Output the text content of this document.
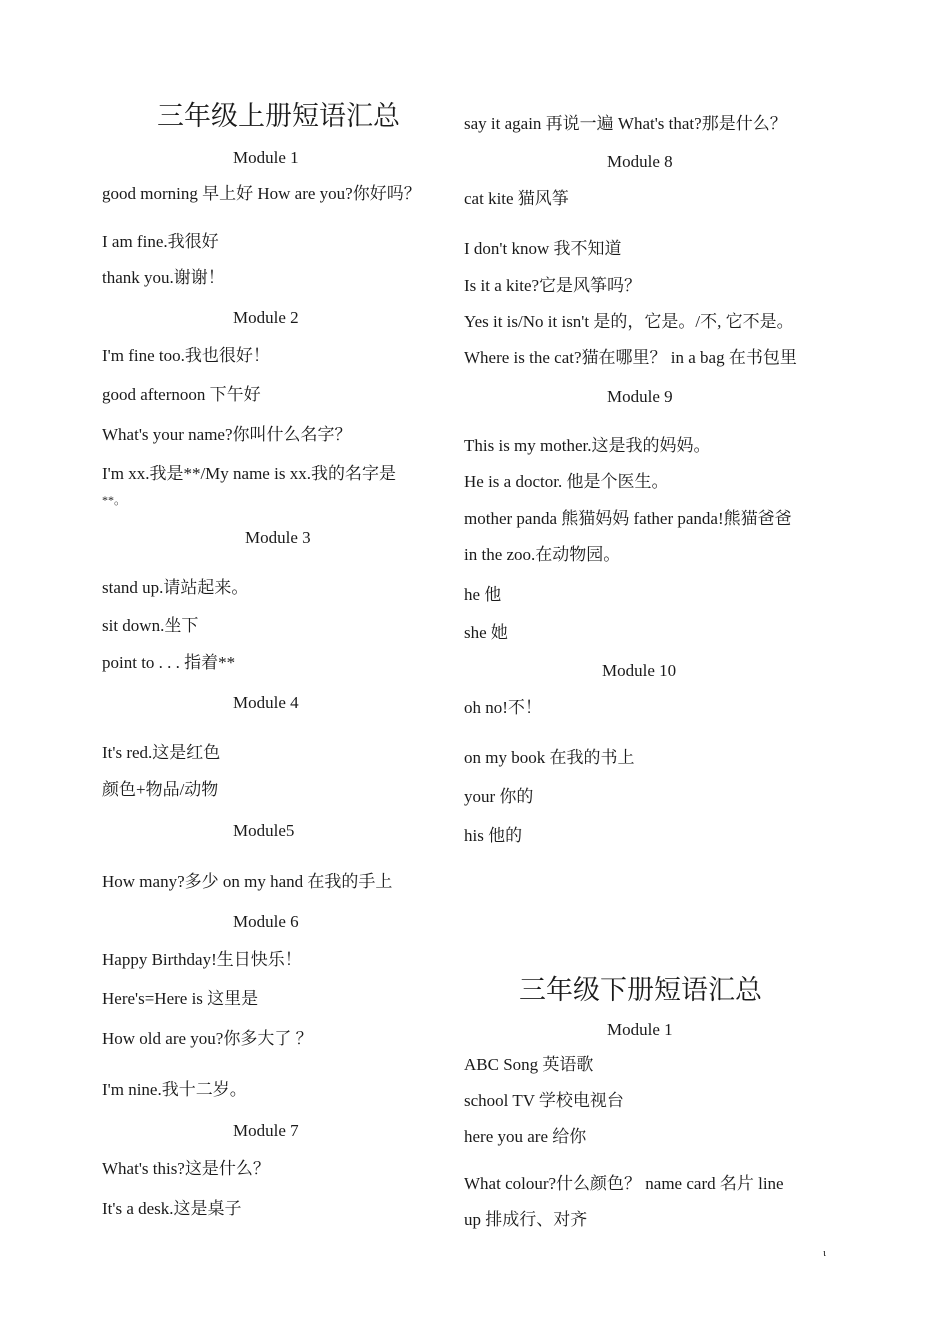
三年级上册短语汇总
Module 1
good morning 早上好 How are you?你好吗？
I am fine.我很好
thank you.谢谢！
Module 2
I'm fine too.我也很好！
good afternoon 下午好
What's your name?你叫什么名字？
I'm xx.我是**/My name is xx.我的名字是
**。
Module 3
stand up.请站起来。
sit down.坐下
point to . . . 指着**
Module 4
It's red.这是红色
颜色+物品/动物
Module5
How many?多少 on my hand 在我的手上
Module 6
Happy Birthday!生日快乐！
Here's=Here is 这里是
How old are you?你多大了 ？
I'm nine.我十二岁。
Module 7
What's this?这是什么？
It's a desk.这是桌子
say it again 再说一遍 What's that?那是什么？
Module 8
cat kite 猫风筝
I don't know 我不知道
Is it a kite?它是风筝吗？
Yes it is/No it isn't 是的，它是。/不, 它不是。
Where is the cat?猫在哪里？ in a bag 在书包里
Module 9
This is my mother.这是我的妈妈。
He is a doctor. 他是个医生。
mother panda 熊猫妈妈 father panda!熊猫爸爸
in the zoo.在动物园。
he 他
she 她
Module 10
oh no!不！
on my book 在我的书上
your 你的
his 他的
三年级下册短语汇总
Module 1
ABC Song 英语歌
school TV 学校电视台
here you are 给你
What colour?什么颜色？ name card 名片 line
up 排成行、对齐
ι
